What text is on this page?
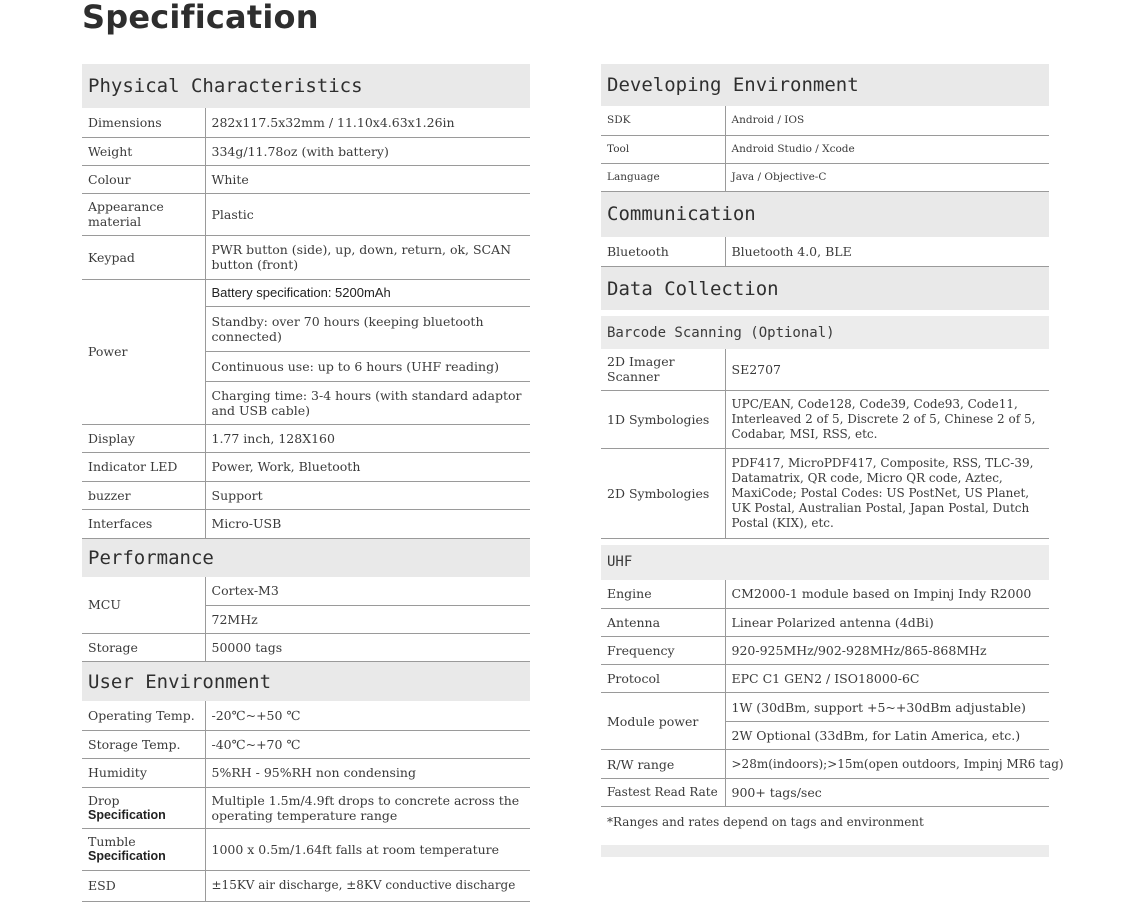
Specification
Physical Characteristics
Dimensions	282x117.5x32mm / 11.10x4.63x1.26in
Weight	334g/11.78oz (with battery)
Colour	White
Appearance material	Plastic
Keypad	PWR button (side), up, down, return, ok, SCAN button (front)
Power	Battery specification: 5200mAh
	Standby: over 70 hours (keeping bluetooth connected)
	Continuous use: up to 6 hours (UHF reading)
	Charging time: 3-4 hours (with standard adaptor and USB cable)
Display	1.77 inch, 128X160
Indicator LED	Power, Work, Bluetooth
buzzer	Support
Interfaces	Micro-USB
Performance
MCU	Cortex-M3
	72MHz
Storage	50000 tags
User Environment
Operating Temp.	-20℃~+50 ℃
Storage Temp.	-40℃~+70 ℃
Humidity	5%RH - 95%RH non condensing

Drop
Specification	Multiple 1.5m/4.9ft drops to concrete across the operating temperature range

Tumble
Specification	1000 x 0.5m/1.64ft falls at room temperature
ESD	±15KV air discharge, ±8KV conductive discharge
Developing Environment
SDK	Android / IOS
Tool	Android Studio / Xcode
Language	Java / Objective-C
Communication
Bluetooth	Bluetooth 4.0, BLE
Data Collection
Barcode Scanning (Optional)
2D Imager Scanner	SE2707
1D Symbologies	UPC/EAN, Code128, Code39, Code93, Code11, Interleaved 2 of 5, Discrete 2 of 5, Chinese 2 of 5, Codabar, MSI, RSS, etc.
2D Symbologies	PDF417, MicroPDF417, Composite, RSS, TLC-39, Datamatrix, QR code, Micro QR code, Aztec, MaxiCode; Postal Codes: US PostNet, US Planet, UK Postal, Australian Postal, Japan Postal, Dutch Postal (KIX), etc.
UHF
Engine	CM2000-1 module based on Impinj Indy R2000
Antenna	Linear Polarized antenna (4dBi)
Frequency	920-925MHz/902-928MHz/865-868MHz
Protocol	EPC C1 GEN2 / ISO18000-6C
Module power	1W (30dBm, support +5~+30dBm adjustable)
	2W Optional (33dBm, for Latin America, etc.)
R/W range	>28m(indoors);>15m(open outdoors, Impinj MR6 tag)
Fastest Read Rate	900+ tags/sec
*Ranges and rates depend on tags and environment
